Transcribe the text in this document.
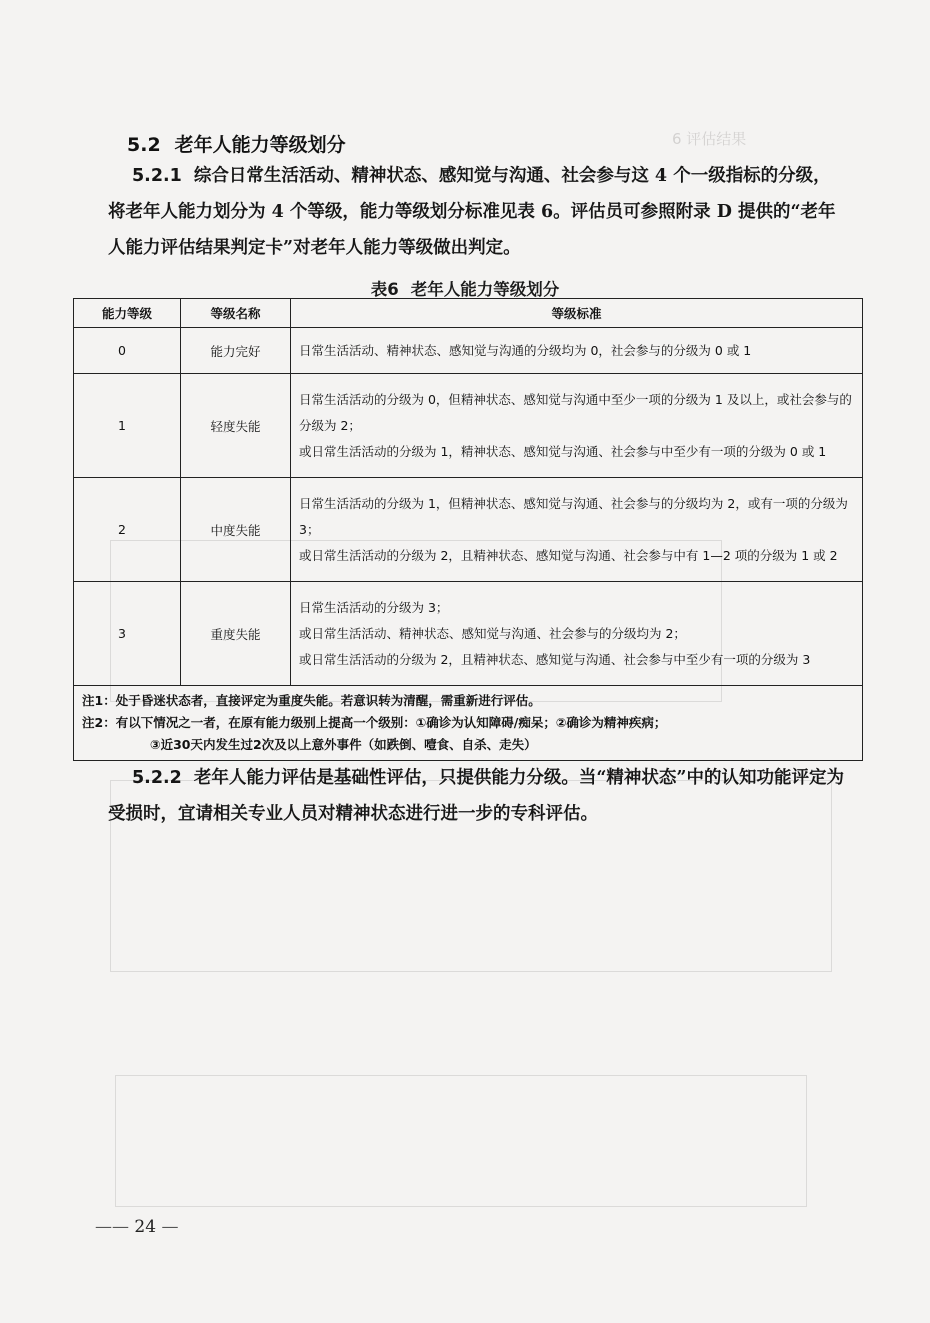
6 评估结果
5.2 老年人能力等级划分
5.2.1 综合日常生活活动、精神状态、感知觉与沟通、社会参与这 4 个一级指标的分级，将老年人能力划分为 4 个等级，能力等级划分标准见表 6。评估员可参照附录 D 提供的“老年人能力评估结果判定卡”对老年人能力等级做出判定。
表6 老年人能力等级划分
能力等级	等级名称	等级标准
0	能力完好	日常生活活动、精神状态、感知觉与沟通的分级均为 0，社会参与的分级为 0 或 1

1	轻度失能	日常生活活动的分级为 0，但精神状态、感知觉与沟通中至少一项的分级为 1 及以上，或社会参与的分级为 2；
或日常生活活动的分级为 1，精神状态、感知觉与沟通、社会参与中至少有一项的分级为 0 或 1

2	中度失能	日常生活活动的分级为 1，但精神状态、感知觉与沟通、社会参与的分级均为 2，或有一项的分级为 3；
或日常生活活动的分级为 2，且精神状态、感知觉与沟通、社会参与中有 1—2 项的分级为 1 或 2

3	重度失能	日常生活活动的分级为 3；
或日常生活活动、精神状态、感知觉与沟通、社会参与的分级均为 2；
或日常生活活动的分级为 2，且精神状态、感知觉与沟通、社会参与中至少有一项的分级为 3

注1：处于昏迷状态者，直接评定为重度失能。若意识转为清醒，需重新进行评估。
注2：有以下情况之一者，在原有能力级别上提高一个级别：①确诊为认知障碍/痴呆；②确诊为精神疾病；
③近30天内发生过2次及以上意外事件（如跌倒、噎食、自杀、走失）		
5.2.2 老年人能力评估是基础性评估，只提供能力分级。当“精神状态”中的认知功能评定为受损时，宜请相关专业人员对精神状态进行进一步的专科评估。
—— 24 —
